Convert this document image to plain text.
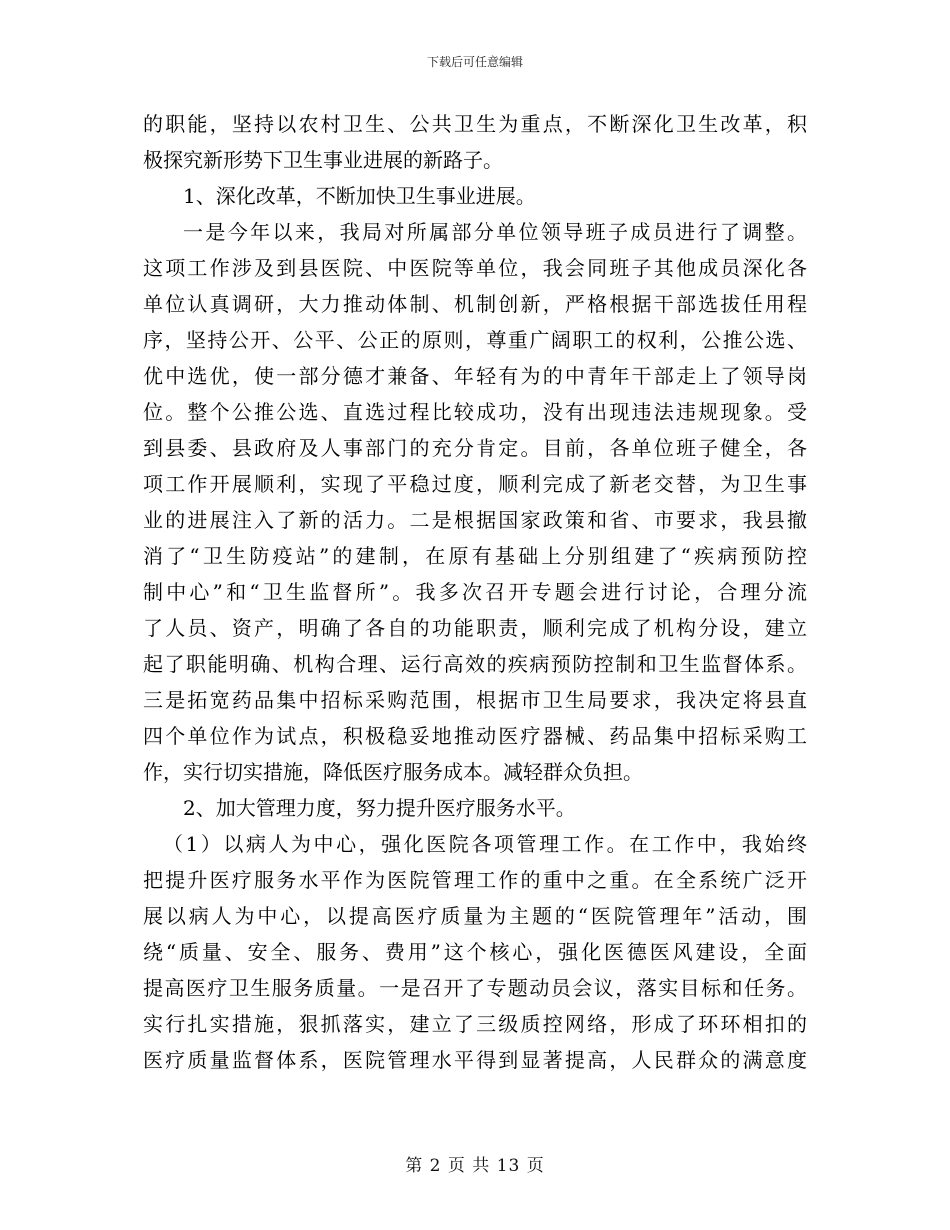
下载后可任意编辑
的职能，坚持以农村卫生、公共卫生为重点，不断深化卫生改革，积
极探究新形势下卫生事业进展的新路子。
1、深化改革，不断加快卫生事业进展。
一是今年以来，我局对所属部分单位领导班子成员进行了调整。
这项工作涉及到县医院、中医院等单位，我会同班子其他成员深化各
单位认真调研，大力推动体制、机制创新，严格根据干部选拔任用程
序，坚持公开、公平、公正的原则，尊重广阔职工的权利，公推公选、
优中选优，使一部分德才兼备、年轻有为的中青年干部走上了领导岗
位。整个公推公选、直选过程比较成功，没有出现违法违规现象。受
到县委、县政府及人事部门的充分肯定。目前，各单位班子健全，各
项工作开展顺利，实现了平稳过度，顺利完成了新老交替，为卫生事
业的进展注入了新的活力。二是根据国家政策和省、市要求，我县撤
消了“卫生防疫站”的建制，在原有基础上分别组建了“疾病预防控
制中心”和“卫生监督所”。我多次召开专题会进行讨论，合理分流
了人员、资产，明确了各自的功能职责，顺利完成了机构分设，建立
起了职能明确、机构合理、运行高效的疾病预防控制和卫生监督体系。
三是拓宽药品集中招标采购范围，根据市卫生局要求，我决定将县直
四个单位作为试点，积极稳妥地推动医疗器械、药品集中招标采购工
作，实行切实措施，降低医疗服务成本。减轻群众负担。
2、加大管理力度，努力提升医疗服务水平。
（1）以病人为中心，强化医院各项管理工作。在工作中，我始终
把提升医疗服务水平作为医院管理工作的重中之重。在全系统广泛开
展以病人为中心，以提高医疗质量为主题的“医院管理年”活动，围
绕“质量、安全、服务、费用”这个核心，强化医德医风建设，全面
提高医疗卫生服务质量。一是召开了专题动员会议，落实目标和任务。
实行扎实措施，狠抓落实，建立了三级质控网络，形成了环环相扣的
医疗质量监督体系，医院管理水平得到显著提高，人民群众的满意度
第 2 页 共 13 页
